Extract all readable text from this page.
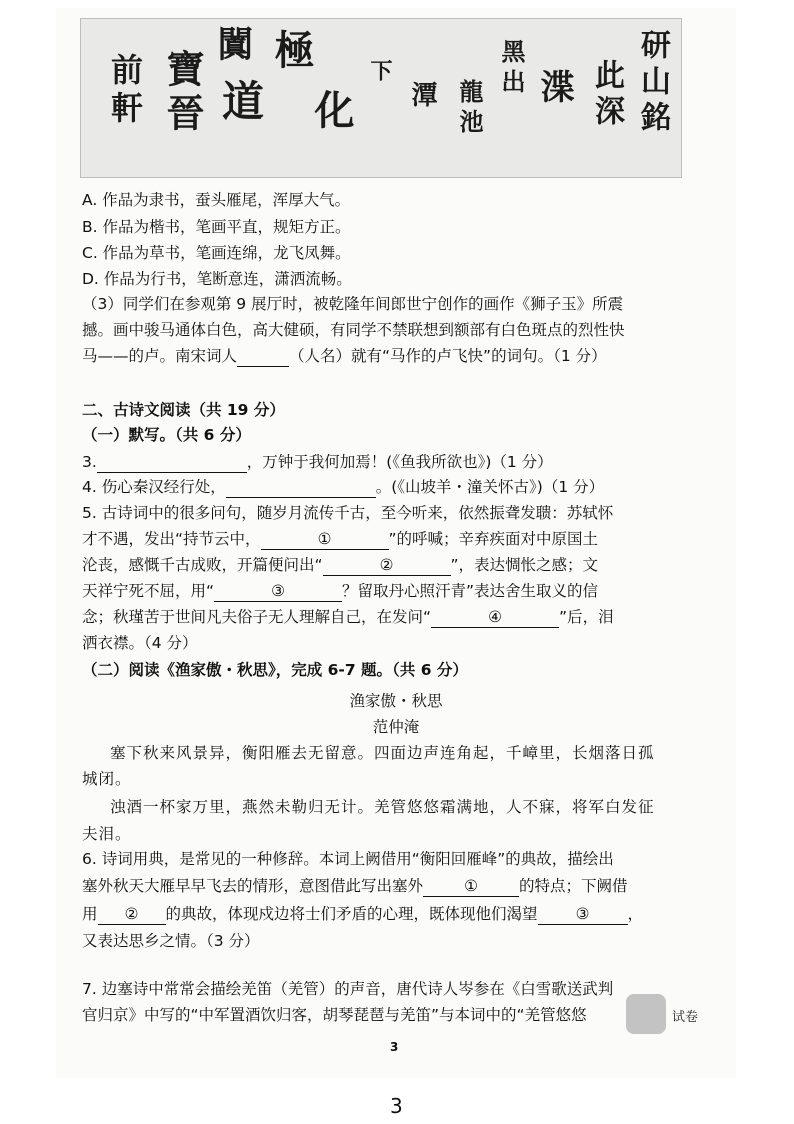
研山銘
此深
渫
黑出
龍池
潭
下
化
極
道
闐
寶晉
前軒
A. 作品为隶书，蚕头雁尾，浑厚大气。
B. 作品为楷书，笔画平直，规矩方正。
C. 作品为草书，笔画连绵，龙飞凤舞。
D. 作品为行书，笔断意连，潇洒流畅。
（3）同学们在参观第 9 展厅时，被乾隆年间郎世宁创作的画作《狮子玉》所震
撼。画中骏马通体白色，高大健硕，有同学不禁联想到额部有白色斑点的烈性快
马——的卢。南宋词人	（人名）就有“马作的卢飞快”的词句。（1 分）
二、古诗文阅读（共 19 分）
（一）默写。（共 6 分）
3.	，万钟于我何加焉！(《鱼我所欲也》)（1 分）
4. 伤心秦汉经行处，	。(《山坡羊・潼关怀古》)（1 分）
5. 古诗词中的很多问句，随岁月流传千古，至今听来，依然振聋发聩：苏轼怀
才不遇，发出“持节云中，	①	”的呼喊；辛弃疾面对中原国土
沦丧，感慨千古成败，开篇便问出“	②	”，表达惆怅之感；文
天祥宁死不屈，用“	③	？留取丹心照汗青”表达舍生取义的信
念；秋瑾苦于世间凡夫俗子无人理解自己，在发问“	④	”后，泪
洒衣襟。（4 分）
（二）阅读《渔家傲・秋思》，完成 6-7 题。（共 6 分）
渔家傲・秋思
范仲淹
塞下秋来风景异，衡阳雁去无留意。四面边声连角起，千嶂里，长烟落日孤
城闭。
浊酒一杯家万里，燕然未勒归无计。羌管悠悠霜满地，人不寐，将军白发征
夫泪。
6. 诗词用典，是常见的一种修辞。本词上阙借用“衡阳回雁峰”的典故，描绘出
塞外秋天大雁早早飞去的情形，意图借此写出塞外	①	的特点；下阙借
用 ② 的典故，体现戍边将士们矛盾的心理，既体现他们渴望 ③ ，
又表达思乡之情。（3 分）
7. 边塞诗中常常会描绘羌笛（羌管）的声音，唐代诗人岑参在《白雪歌送武判
官归京》中写的“中军置酒饮归客，胡琴琵琶与羌笛”与本词中的“羌管悠悠	试卷
3
3
